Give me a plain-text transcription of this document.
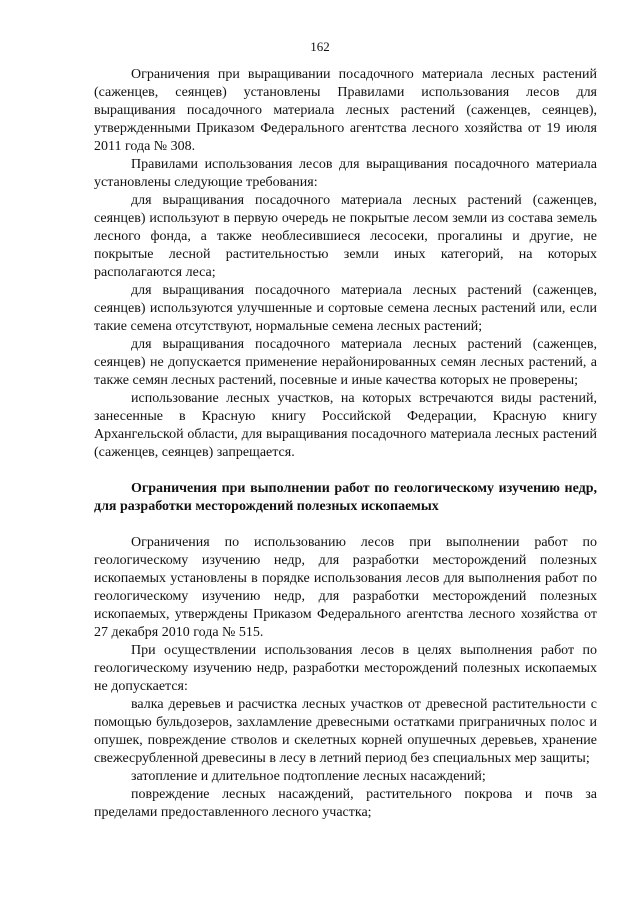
162

Ограничения при выращивании посадочного материала лесных растений (саженцев, сеянцев) установлены Правилами использования лесов для выращивания посадочного материала лесных растений (саженцев, сеянцев), утвержденными Приказом Федерального агентства лесного хозяйства от 19 июля 2011 года № 308.

Правилами использования лесов для выращивания посадочного материала установлены следующие требования:

для выращивания посадочного материала лесных растений (саженцев, сеянцев) используют в первую очередь не покрытые лесом земли из состава земель лесного фонда, а также необлесившиеся лесосеки, прогалины и другие, не покрытые лесной растительностью земли иных категорий, на которых располагаются леса;

для выращивания посадочного материала лесных растений (саженцев, сеянцев) используются улучшенные и сортовые семена лесных растений или, если такие семена отсутствуют, нормальные семена лесных растений;

для выращивания посадочного материала лесных растений (саженцев, сеянцев) не допускается применение нерайонированных семян лесных растений, а также семян лесных растений, посевные и иные качества которых не проверены;

использование лесных участков, на которых встречаются виды растений, занесенные в Красную книгу Российской Федерации, Красную книгу Архангельской области, для выращивания посадочного материала лесных растений (саженцев, сеянцев) запрещается.

Ограничения при выполнении работ по геологическому изучению недр, для разработки месторождений полезных ископаемых

Ограничения по использованию лесов при выполнении работ по геологическому изучению недр, для разработки месторождений полезных ископаемых установлены в порядке использования лесов для выполнения работ по геологическому изучению недр, для разработки месторождений полезных ископаемых, утверждены Приказом Федерального агентства лесного хозяйства от 27 декабря 2010 года № 515.

При осуществлении использования лесов в целях выполнения работ по геологическому изучению недр, разработки месторождений полезных ископаемых не допускается:

валка деревьев и расчистка лесных участков от древесной растительности с помощью бульдозеров, захламление древесными остатками приграничных полос и опушек, повреждение стволов и скелетных корней опушечных деревьев, хранение свежесрубленной древесины в лесу в летний период без специальных мер защиты;

затопление и длительное подтопление лесных насаждений;

повреждение лесных насаждений, растительного покрова и почв за пределами предоставленного лесного участка;
